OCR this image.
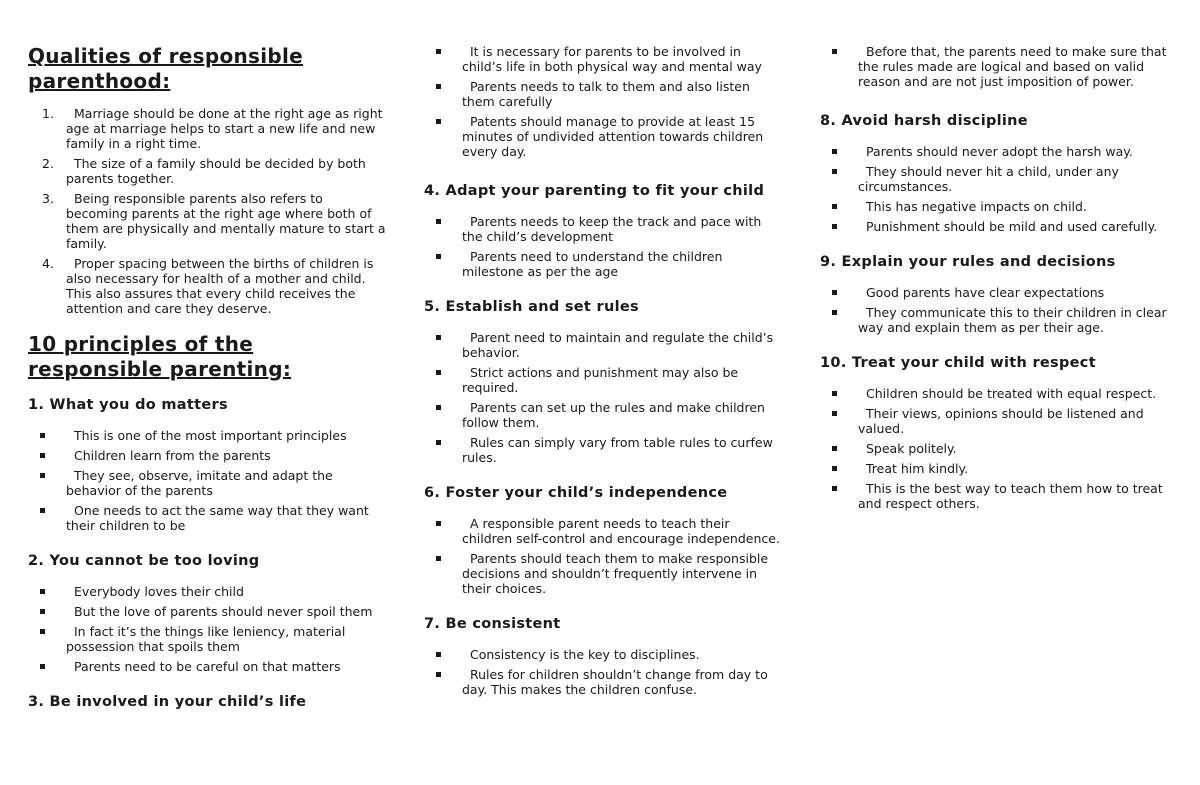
Qualities of responsible parenthood:
1.	Marriage should be done at the right age as right age at marriage helps to start a new life and new family in a right time.
2.	The size of a family should be decided by both parents together.
3.	Being responsible parents also refers to becoming parents at the right age where both of them are physically and mentally mature to start a family.
4.	Proper spacing between the births of children is also necessary for health of a mother and child. This also assures that every child receives the attention and care they deserve.
10 principles of the responsible parenting:
1. What you do matters
This is one of the most important principles
Children learn from the parents
They see, observe, imitate and adapt the behavior of the parents
One needs to act the same way that they want their children to be
2. You cannot be too loving
Everybody loves their child
But the love of parents should never spoil them
In fact it’s the things like leniency, material possession that spoils them
Parents need to be careful on that matters
3. Be involved in your child’s life
It is necessary for parents to be involved in child’s life in both physical way and mental way
Parents needs to talk to them and also listen them carefully
Patents should manage to provide at least 15 minutes of undivided attention towards children every day.
4. Adapt your parenting to fit your child
Parents needs to keep the track and pace with the child’s development
Parents need to understand the children milestone as per the age
5. Establish and set rules
Parent need to maintain and regulate the child’s behavior.
Strict actions and punishment may also be required.
Parents can set up the rules and make children follow them.
Rules can simply vary from table rules to curfew rules.
6. Foster your child’s independence
A responsible parent needs to teach their children self-control and encourage independence.
Parents should teach them to make responsible decisions and shouldn’t frequently intervene in their choices.
7. Be consistent
Consistency is the key to disciplines.
Rules for children shouldn’t change from day to day. This makes the children confuse.
Before that, the parents need to make sure that the rules made are logical and based on valid reason and are not just imposition of power.
8. Avoid harsh discipline
Parents should never adopt the harsh way.
They should never hit a child, under any circumstances.
This has negative impacts on child.
Punishment should be mild and used carefully.
9. Explain your rules and decisions
Good parents have clear expectations
They communicate this to their children in clear way and explain them as per their age.
10. Treat your child with respect
Children should be treated with equal respect.
Their views, opinions should be listened and valued.
Speak politely.
Treat him kindly.
This is the best way to teach them how to treat and respect others.
